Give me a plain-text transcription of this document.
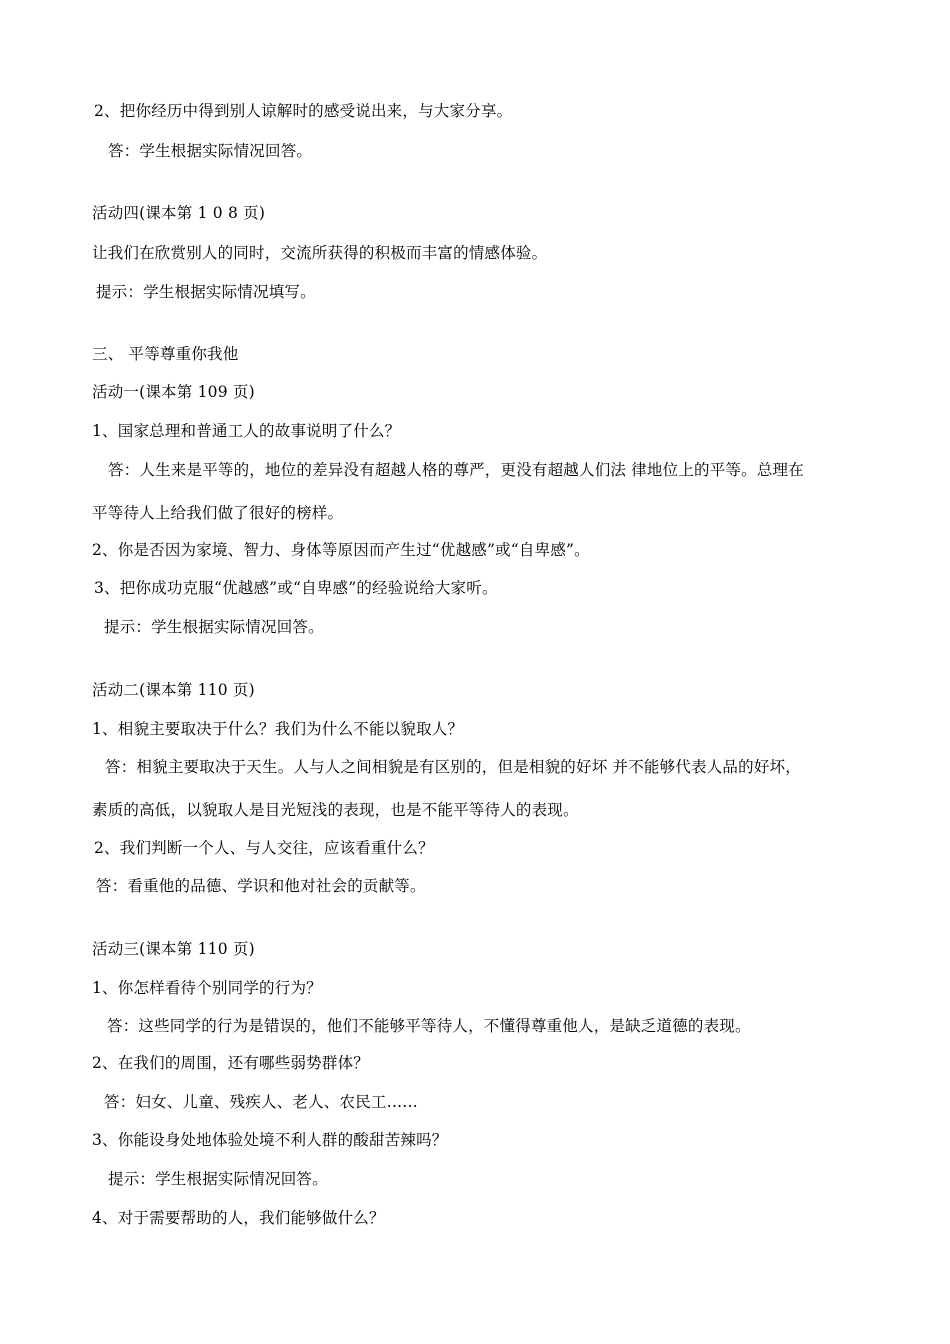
2、把你经历中得到别人谅解时的感受说出来，与大家分享。
答：学生根据实际情况回答。
活动四(课本第 1 0 8 页)
让我们在欣赏别人的同时，交流所获得的积极而丰富的情感体验。
提示：学生根据实际情况填写。
三、 平等尊重你我他
活动一(课本第 109 页)
1、国家总理和普通工人的故事说明了什么？
答：人生来是平等的，地位的差异没有超越人格的尊严，更没有超越人们法 律地位上的平等。总理在
平等待人上给我们做了很好的榜样。
2、你是否因为家境、智力、身体等原因而产生过“优越感”或“自卑感”。
3、把你成功克服“优越感”或“自卑感”的经验说给大家听。
提示：学生根据实际情况回答。
活动二(课本第 110 页)
1、相貌主要取决于什么？我们为什么不能以貌取人？
答：相貌主要取决于天生。人与人之间相貌是有区别的，但是相貌的好坏 并不能够代表人品的好坏，
素质的高低，以貌取人是目光短浅的表现，也是不能平等待人的表现。
2、我们判断一个人、与人交往，应该看重什么？
答：看重他的品德、学识和他对社会的贡献等。
活动三(课本第 110 页)
1、你怎样看待个别同学的行为？
答：这些同学的行为是错误的，他们不能够平等待人，不懂得尊重他人，是缺乏道德的表现。
2、在我们的周围，还有哪些弱势群体？
答：妇女、儿童、残疾人、老人、农民工……
3、你能设身处地体验处境不利人群的酸甜苦辣吗？
提示：学生根据实际情况回答。
4、对于需要帮助的人，我们能够做什么？
